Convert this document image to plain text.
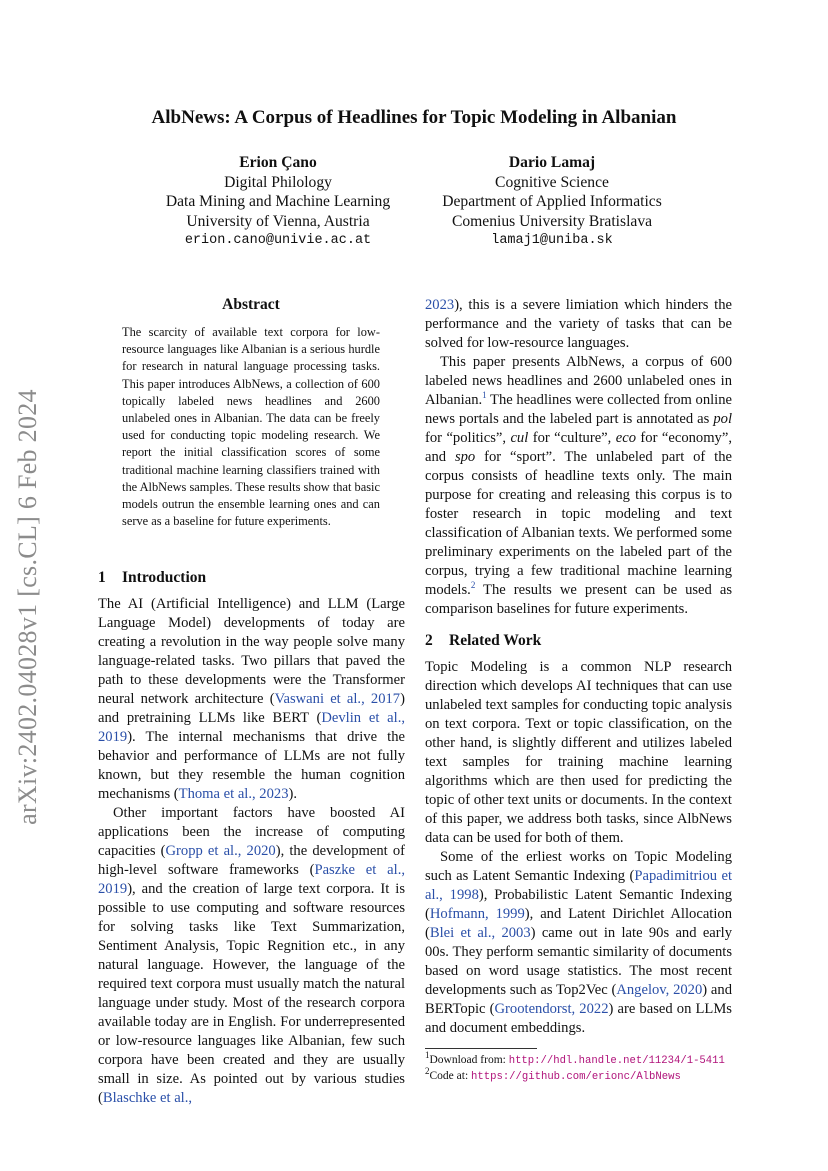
arXiv:2402.04028v1 [cs.CL] 6 Feb 2024
AlbNews: A Corpus of Headlines for Topic Modeling in Albanian
Erion Çano
Digital Philology
Data Mining and Machine Learning
University of Vienna, Austria
erion.cano@univie.ac.at
Dario Lamaj
Cognitive Science
Department of Applied Informatics
Comenius University Bratislava
lamaj1@uniba.sk
Abstract

The scarcity of available text corpora for low-resource languages like Albanian is a serious hurdle for research in natural language processing tasks. This paper introduces AlbNews, a collection of 600 topically labeled news headlines and 2600 unlabeled ones in Albanian. The data can be freely used for conducting topic modeling research. We report the initial classification scores of some traditional machine learning classifiers trained with the AlbNews samples. These results show that basic models outrun the ensemble learning ones and can serve as a baseline for future experiments.

1 Introduction

The AI (Artificial Intelligence) and LLM (Large Language Model) developments of today are creating a revolution in the way people solve many language-related tasks. Two pillars that paved the path to these developments were the Transformer neural network architecture (Vaswani et al., 2017) and pretraining LLMs like BERT (Devlin et al., 2019). The internal mechanisms that drive the behavior and performance of LLMs are not fully known, but they resemble the human cognition mechanisms (Thoma et al., 2023).

Other important factors have boosted AI applications been the increase of computing capacities (Gropp et al., 2020), the development of high-level software frameworks (Paszke et al., 2019), and the creation of large text corpora. It is possible to use computing and software resources for solving tasks like Text Summarization, Sentiment Analysis, Topic Regnition etc., in any natural language. However, the language of the required text corpora must usually match the natural language under study. Most of the research corpora available today are in English. For underrepresented or low-resource languages like Albanian, few such corpora have been created and they are usually small in size. As pointed out by various studies (Blaschke et al.,

2023), this is a severe limiation which hinders the performance and the variety of tasks that can be solved for low-resource languages.

This paper presents AlbNews, a corpus of 600 labeled news headlines and 2600 unlabeled ones in Albanian.$^1$ The headlines were collected from online news portals and the labeled part is annotated as pol for “politics”, cul for “culture”, eco for “economy”, and spo for “sport”. The unlabeled part of the corpus consists of headline texts only. The main purpose for creating and releasing this corpus is to foster research in topic modeling and text classification of Albanian texts. We performed some preliminary experiments on the labeled part of the corpus, trying a few traditional machine learning models.$^2$ The results we present can be used as comparison baselines for future experiments.

2 Related Work

Topic Modeling is a common NLP research direction which develops AI techniques that can use unlabeled text samples for conducting topic analysis on text corpora. Text or topic classification, on the other hand, is slightly different and utilizes labeled text samples for training machine learning algorithms which are then used for predicting the topic of other text units or documents. In the context of this paper, we address both tasks, since AlbNews data can be used for both of them.

Some of the erliest works on Topic Modeling such as Latent Semantic Indexing (Papadimitriou et al., 1998), Probabilistic Latent Semantic Indexing (Hofmann, 1999), and Latent Dirichlet Allocation (Blei et al., 2003) came out in late 90s and early 00s. They perform semantic similarity of documents based on word usage statistics. The most recent developments such as Top2Vec (Angelov, 2020) and BERTopic (Grootendorst, 2022) are based on LLMs and document embeddings.

$^1$Download from: http://hdl.handle.net/11234/1-5411
$^2$Code at: https://github.com/erionc/AlbNews
